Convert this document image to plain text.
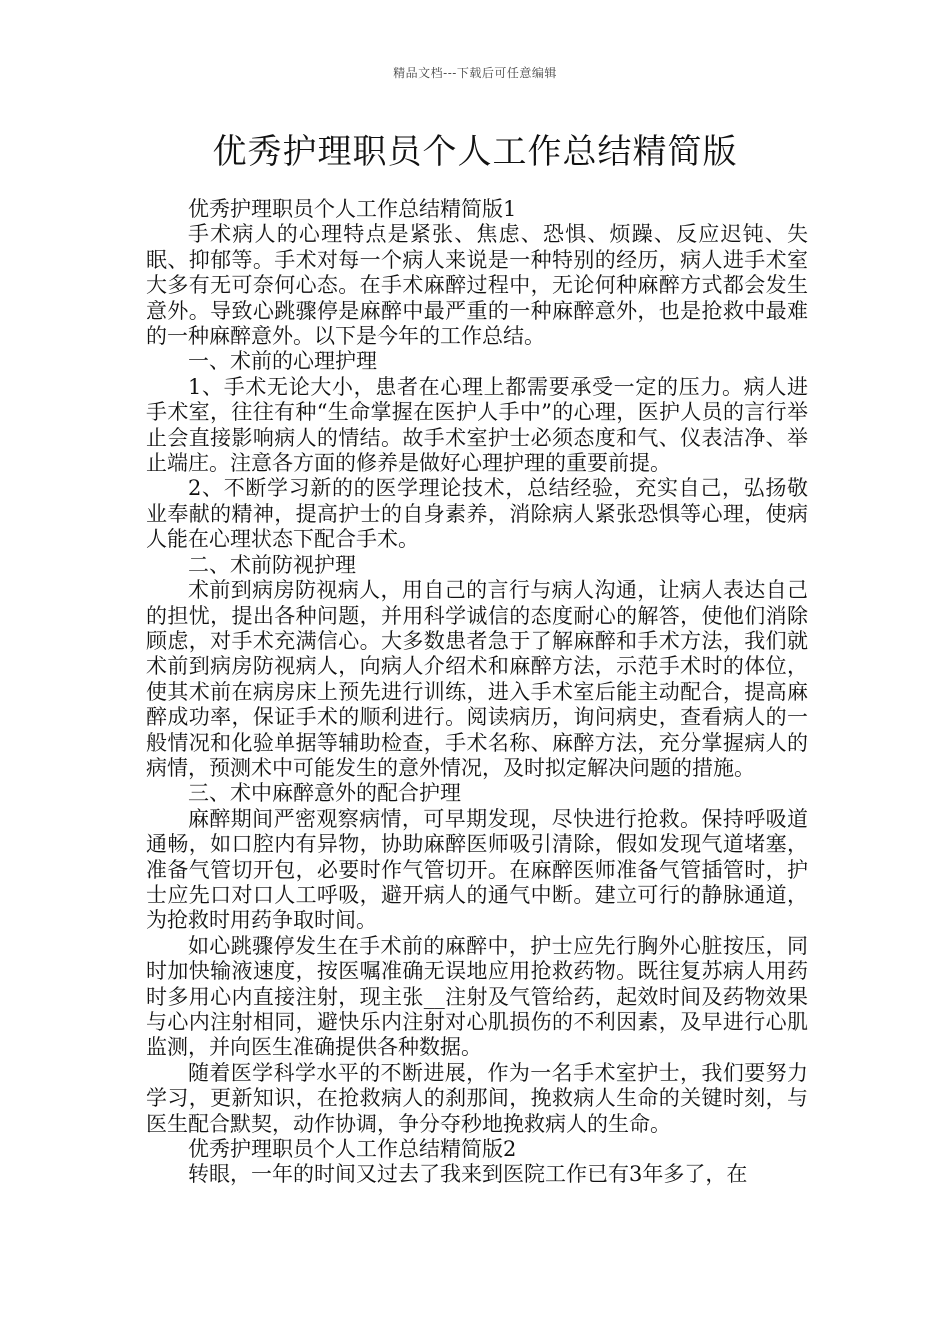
精品文档---下载后可任意编辑
优秀护理职员个人工作总结精简版

优秀护理职员个人工作总结精简版1

手术病人的心理特点是紧张、焦虑、恐惧、烦躁、反应迟钝、失眠、抑郁等。手术对每一个病人来说是一种特别的经历，病人进手术室大多有无可奈何心态。在手术麻醉过程中，无论何种麻醉方式都会发生意外。导致心跳骤停是麻醉中最严重的一种麻醉意外，也是抢救中最难的一种麻醉意外。以下是今年的工作总结。

一、术前的心理护理

1、手术无论大小，患者在心理上都需要承受一定的压力。病人进手术室，往往有种“生命掌握在医护人手中”的心理，医护人员的言行举止会直接影响病人的情结。故手术室护士必须态度和气、仪表洁净、举止端庄。注意各方面的修养是做好心理护理的重要前提。

2、不断学习新的的医学理论技术，总结经验，充实自己，弘扬敬业奉献的精神，提高护士的自身素养，消除病人紧张恐惧等心理，使病人能在心理状态下配合手术。

二、术前防视护理

术前到病房防视病人，用自己的言行与病人沟通，让病人表达自己的担忧，提出各种问题，并用科学诚信的态度耐心的解答，使他们消除顾虑，对手术充满信心。大多数患者急于了解麻醉和手术方法，我们就术前到病房防视病人，向病人介绍术和麻醉方法，示范手术时的体位，使其术前在病房床上预先进行训练，进入手术室后能主动配合，提高麻醉成功率，保证手术的顺利进行。阅读病历，询问病史，查看病人的一般情况和化验单据等辅助检查，手术名称、麻醉方法，充分掌握病人的病情，预测术中可能发生的意外情况，及时拟定解决问题的措施。

三、术中麻醉意外的配合护理

麻醉期间严密观察病情，可早期发现，尽快进行抢救。保持呼吸道通畅，如口腔内有异物，协助麻醉医师吸引清除，假如发现气道堵塞，准备气管切开包，必要时作气管切开。在麻醉医师准备气管插管时，护士应先口对口人工呼吸，避开病人的通气中断。建立可行的静脉通道，为抢救时用药争取时间。

如心跳骤停发生在手术前的麻醉中，护士应先行胸外心脏按压，同时加快输液速度，按医嘱准确无误地应用抢救药物。既往复苏病人用药时多用心内直接注射，现主张__注射及气管给药，起效时间及药物效果与心内注射相同，避快乐内注射对心肌损伤的不利因素，及早进行心肌监测，并向医生准确提供各种数据。

随着医学科学水平的不断进展，作为一名手术室护士，我们要努力学习，更新知识，在抢救病人的刹那间，挽救病人生命的关键时刻，与医生配合默契，动作协调，争分夺秒地挽救病人的生命。

优秀护理职员个人工作总结精简版2

转眼，一年的时间又过去了我来到医院工作已有3年多了，在
